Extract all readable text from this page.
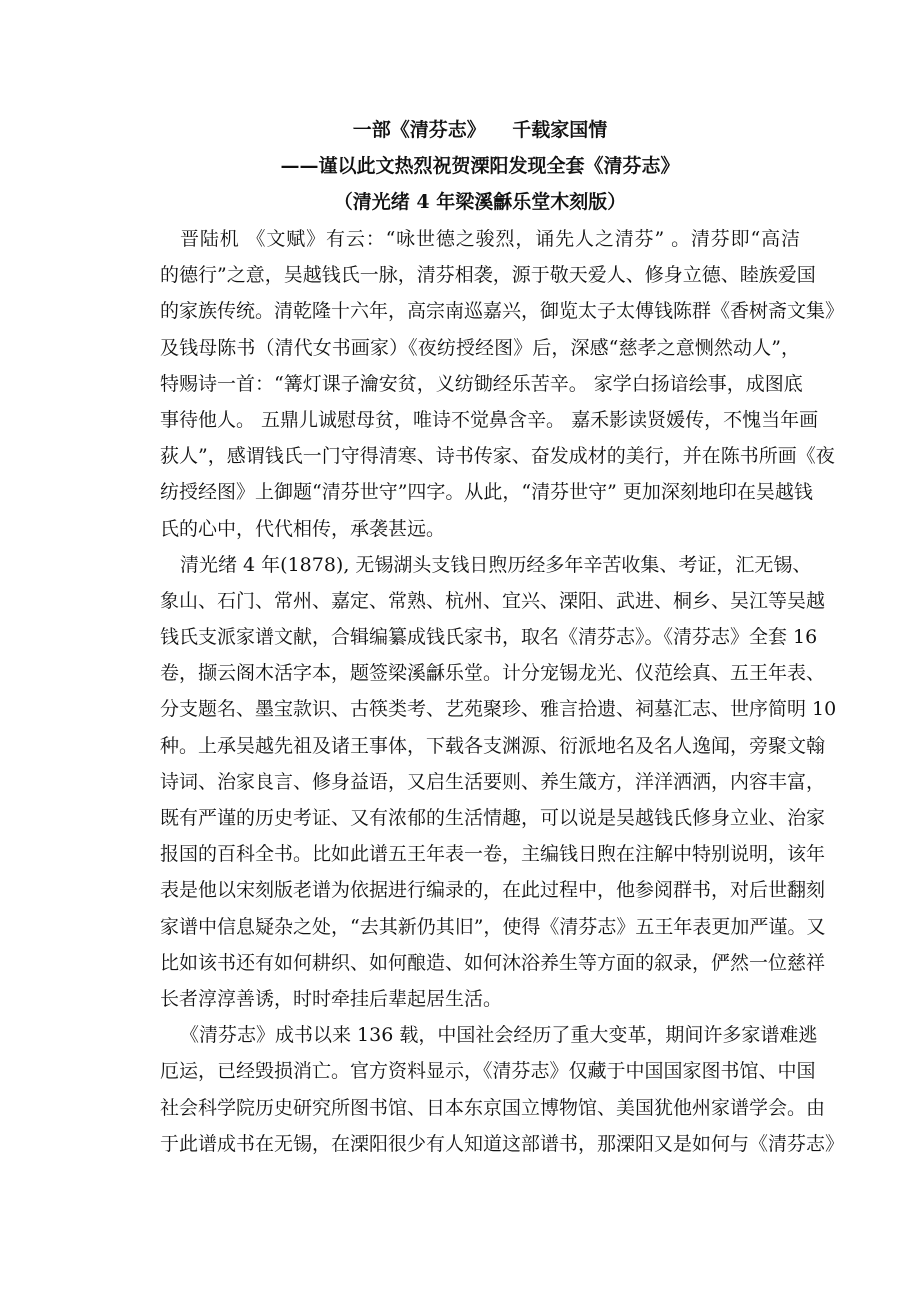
一部《清芬志》    千载家国情
——谨以此文热烈祝贺溧阳发现全套《清芬志》
（清光绪 4 年梁溪龢乐堂木刻版）
晋陆机 《文赋》有云：“咏世德之骏烈，诵先人之清芬” 。清芬即“高洁
的德行”之意，吴越钱氏一脉，清芬相袭，源于敬天爱人、修身立德、睦族爱国
的家族传统。清乾隆十六年，高宗南巡嘉兴，御览太子太傅钱陈群《香树斋文集》
及钱母陈书（清代女书画家）《夜纺授经图》后，深感“慈孝之意恻然动人”，
特赐诗一首：“篝灯课子瀹安贫，义纺锄经乐苦辛。 家学白扬谙绘事，成图底
事待他人。 五鼎儿诚慰母贫，唯诗不觉鼻含辛。 嘉禾影读贤媛传，不愧当年画
荻人”，感谓钱氏一门守得清寒、诗书传家、奋发成材的美行，并在陈书所画《夜
纺授经图》上御题“清芬世守”四字。从此，“清芬世守” 更加深刻地印在吴越钱
氏的心中，代代相传，承袭甚远。
清光绪 4 年(1878), 无锡湖头支钱日煦历经多年辛苦收集、考证，汇无锡、
象山、石门、常州、嘉定、常熟、杭州、宜兴、溧阳、武进、桐乡、吴江等吴越
钱氏支派家谱文献，合辑编纂成钱氏家书，取名《清芬志》。《清芬志》全套 16
卷，撷云阁木活字本，题签梁溪龢乐堂。计分宠锡龙光、仪范绘真、五王年表、
分支题名、墨宝款识、古筷类考、艺苑聚珍、雅言拾遗、祠墓汇志、世序简明 10
种。上承吴越先祖及诸王事体，下载各支渊源、衍派地名及名人逸闻，旁聚文翰
诗词、治家良言、修身益语，又启生活要则、养生箴方，洋洋洒洒，内容丰富，
既有严谨的历史考证、又有浓郁的生活情趣，可以说是吴越钱氏修身立业、治家
报国的百科全书。比如此谱五王年表一卷，主编钱日煦在注解中特别说明，该年
表是他以宋刻版老谱为依据进行编录的，在此过程中，他参阅群书，对后世翻刻
家谱中信息疑杂之处，“去其新仍其旧”，使得《清芬志》五王年表更加严谨。又
比如该书还有如何耕织、如何酿造、如何沐浴养生等方面的叙录，俨然一位慈祥
长者淳淳善诱，时时牵挂后辈起居生活。
《清芬志》成书以来 136 载，中国社会经历了重大变革，期间许多家谱难逃
厄运，已经毁损消亡。官方资料显示，《清芬志》仅藏于中国国家图书馆、中国
社会科学院历史研究所图书馆、日本东京国立博物馆、美国犹他州家谱学会。由
于此谱成书在无锡，在溧阳很少有人知道这部谱书，那溧阳又是如何与《清芬志》
